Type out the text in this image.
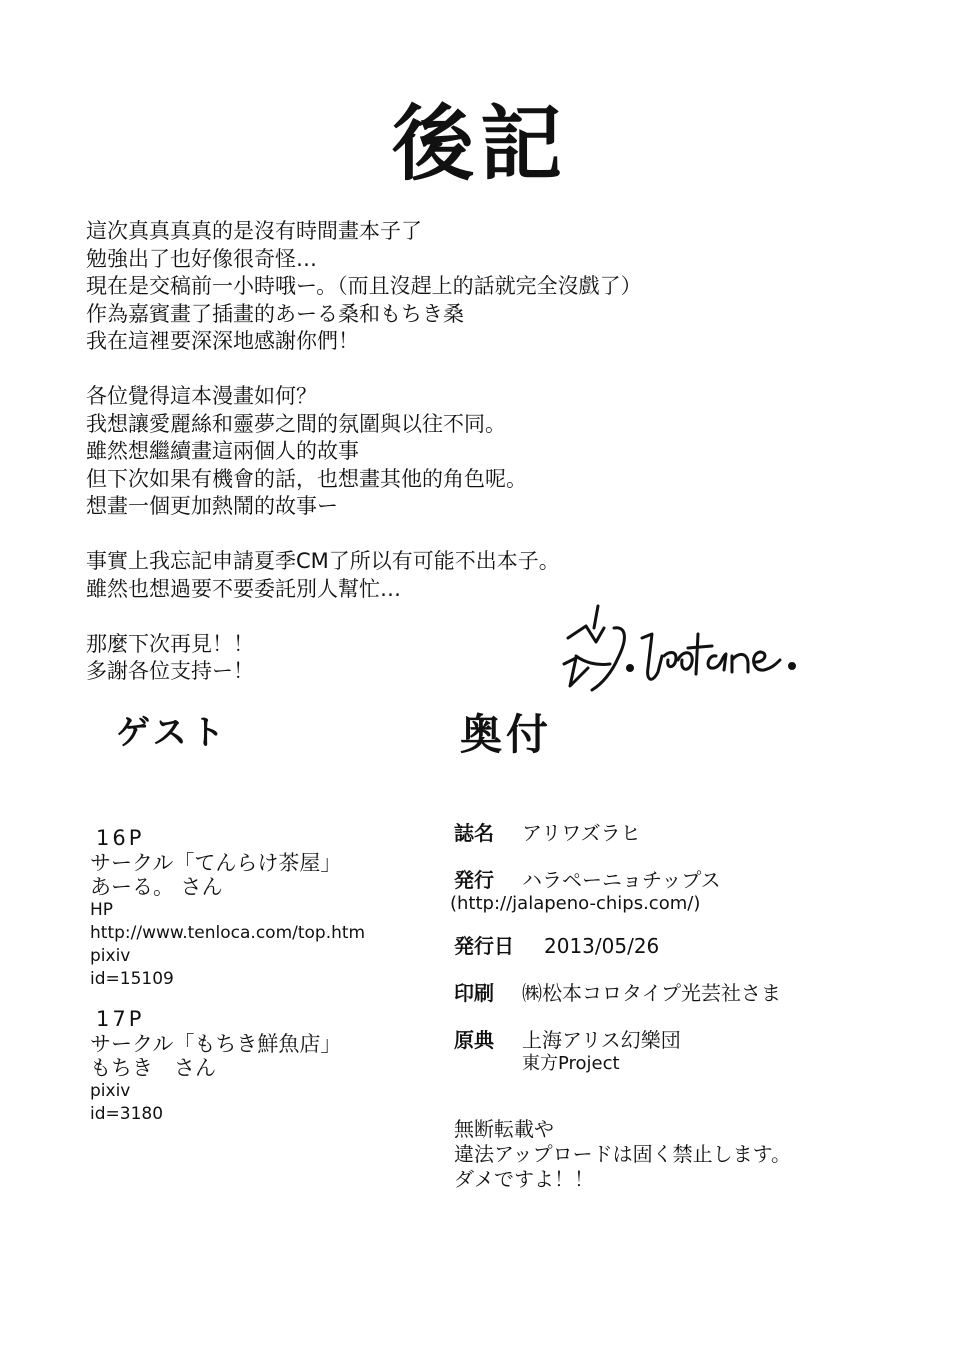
後記
這次真真真真的是沒有時間畫本子了
勉強出了也好像很奇怪…
現在是交稿前一小時哦ー。（而且沒趕上的話就完全沒戲了）
作為嘉賓畫了插畫的あーる桑和もちき桑
我在這裡要深深地感謝你們！
各位覺得這本漫畫如何？
我想讓愛麗絲和靈夢之間的氛圍與以往不同。
雖然想繼續畫這兩個人的故事
但下次如果有機會的話，也想畫其他的角色呢。
想畫一個更加熱鬧的故事ー
事實上我忘記申請夏季CM了所以有可能不出本子。
雖然也想過要不要委託別人幫忙…
那麼下次再見！！
多謝各位支持ー！
ゲスト	奥付
16P
サークル「てんらけ茶屋」
あーる。 さん
HP
http://www.tenloca.com/top.htm
pixiv
id=15109
17P
サークル「もちき鮮魚店」
もちき　さん
pixiv
id=3180
誌名	アリワズラヒ
発行	ハラペーニョチップス
(http://jalapeno-chips.com/)
発行日	2013/05/26
印刷	㈱松本コロタイプ光芸社さま
原典	上海アリス幻樂団
東方Project
無断転載や
違法アップロードは固く禁止します。
ダメですよ！！
